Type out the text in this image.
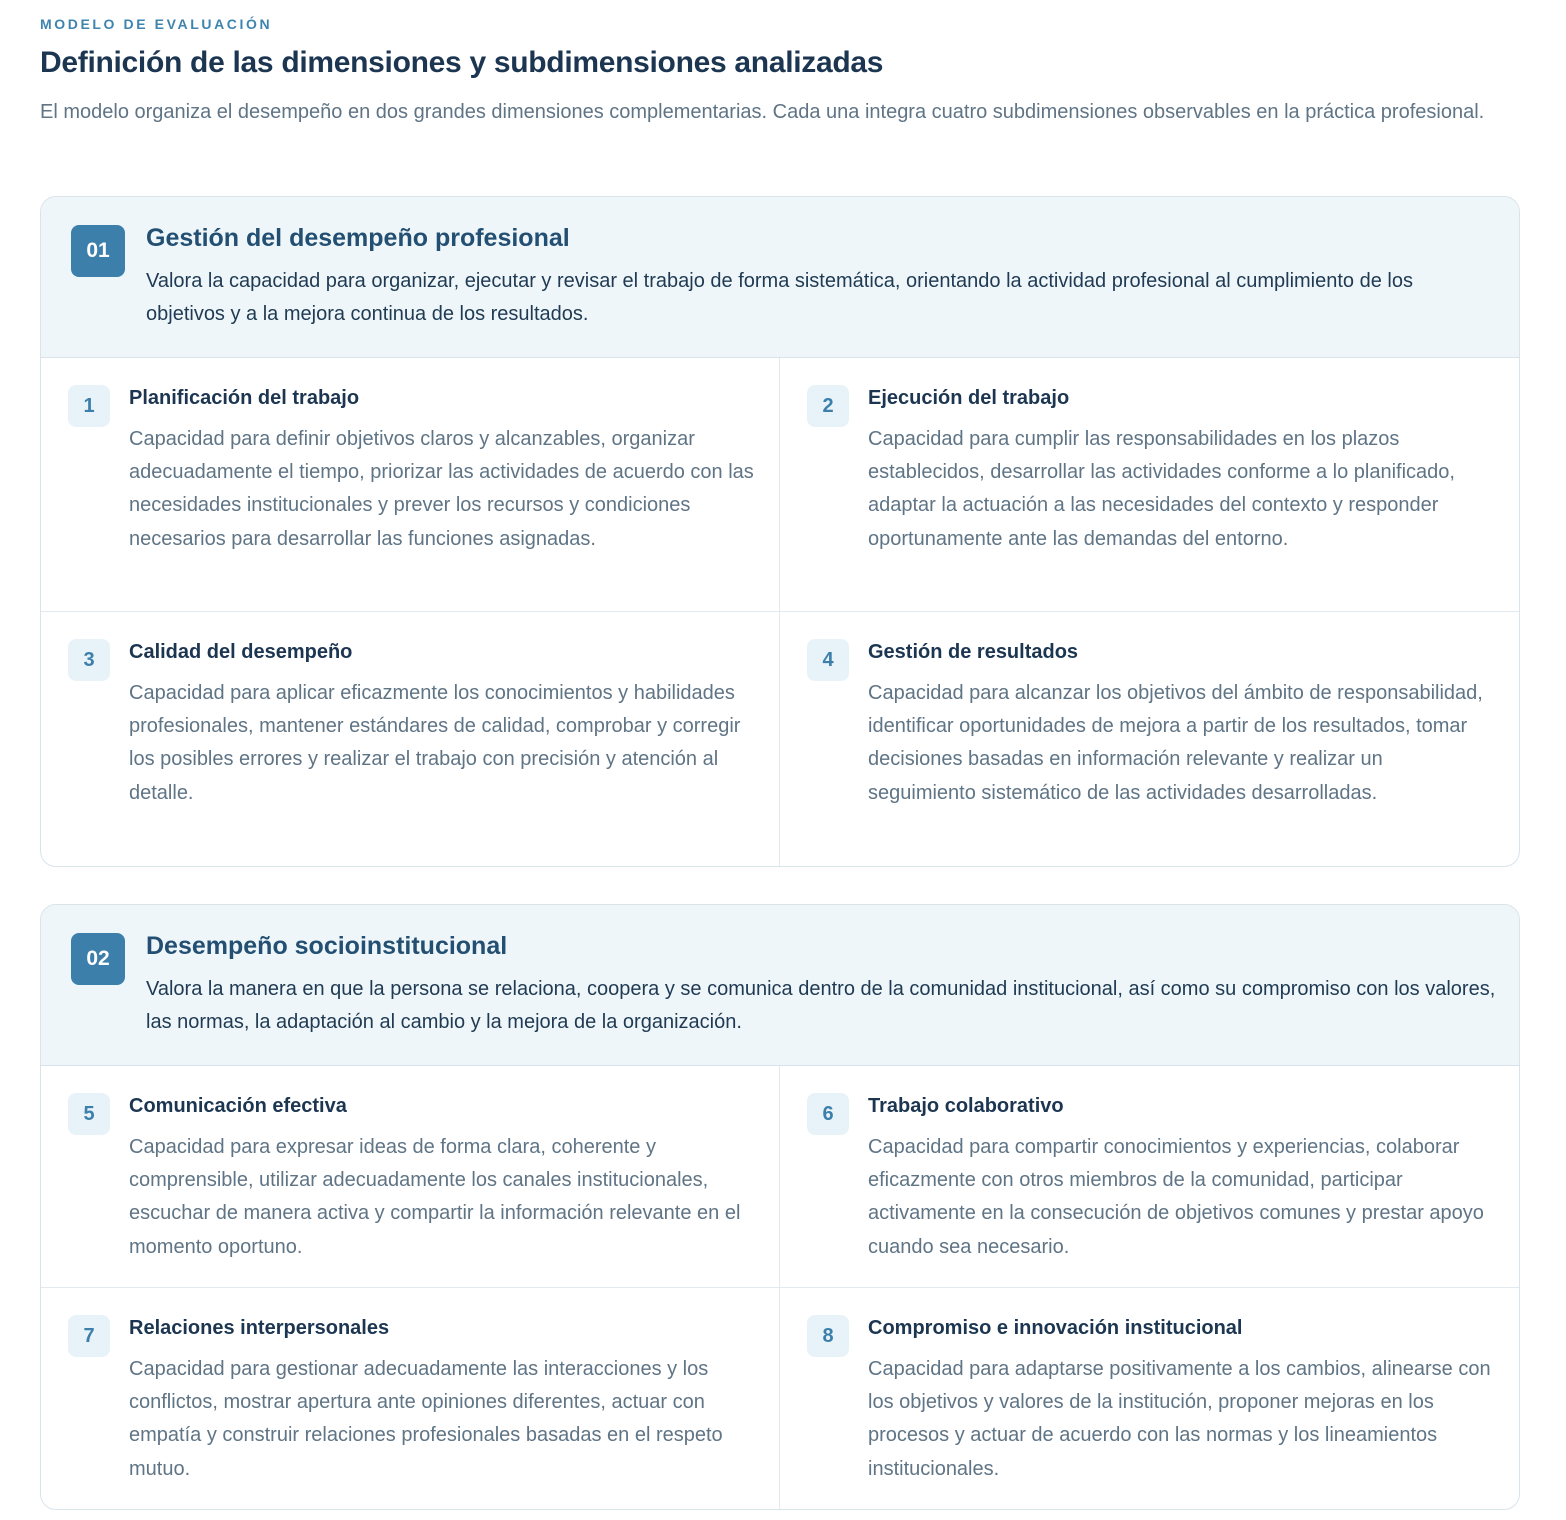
MODELO DE EVALUACIÓN
Definición de las dimensiones y subdimensiones analizadas

El modelo organiza el desempeño en dos grandes dimensiones complementarias. Cada una integra cuatro subdimensiones observables en la práctica profesional.

01	Gestión del desempeño profesional

Valora la capacidad para organizar, ejecutar y revisar el trabajo de forma sistemática, orientando la actividad profesional al cumplimiento de los objetivos y a la mejora continua de los resultados.

1	Planificación del trabajo

Capacidad para definir objetivos claros y alcanzables, organizar adecuadamente el tiempo, priorizar las actividades de acuerdo con las necesidades institucionales y prever los recursos y condiciones necesarios para desarrollar las funciones asignadas.

2	Ejecución del trabajo

Capacidad para cumplir las responsabilidades en los plazos establecidos, desarrollar las actividades conforme a lo planificado, adaptar la actuación a las necesidades del contexto y responder oportunamente ante las demandas del entorno.

3	Calidad del desempeño

Capacidad para aplicar eficazmente los conocimientos y habilidades profesionales, mantener estándares de calidad, comprobar y corregir los posibles errores y realizar el trabajo con precisión y atención al detalle.

4	Gestión de resultados

Capacidad para alcanzar los objetivos del ámbito de responsabilidad, identificar oportunidades de mejora a partir de los resultados, tomar decisiones basadas en información relevante y realizar un seguimiento sistemático de las actividades desarrolladas.

02	Desempeño socioinstitucional

Valora la manera en que la persona se relaciona, coopera y se comunica dentro de la comunidad institucional, así como su compromiso con los valores, las normas, la adaptación al cambio y la mejora de la organización.

5	Comunicación efectiva

Capacidad para expresar ideas de forma clara, coherente y comprensible, utilizar adecuadamente los canales institucionales, escuchar de manera activa y compartir la información relevante en el momento oportuno.

6	Trabajo colaborativo

Capacidad para compartir conocimientos y experiencias, colaborar eficazmente con otros miembros de la comunidad, participar activamente en la consecución de objetivos comunes y prestar apoyo cuando sea necesario.

7	Relaciones interpersonales

Capacidad para gestionar adecuadamente las interacciones y los conflictos, mostrar apertura ante opiniones diferentes, actuar con empatía y construir relaciones profesionales basadas en el respeto mutuo.

8	Compromiso e innovación institucional

Capacidad para adaptarse positivamente a los cambios, alinearse con los objetivos y valores de la institución, proponer mejoras en los procesos y actuar de acuerdo con las normas y los lineamientos institucionales.
